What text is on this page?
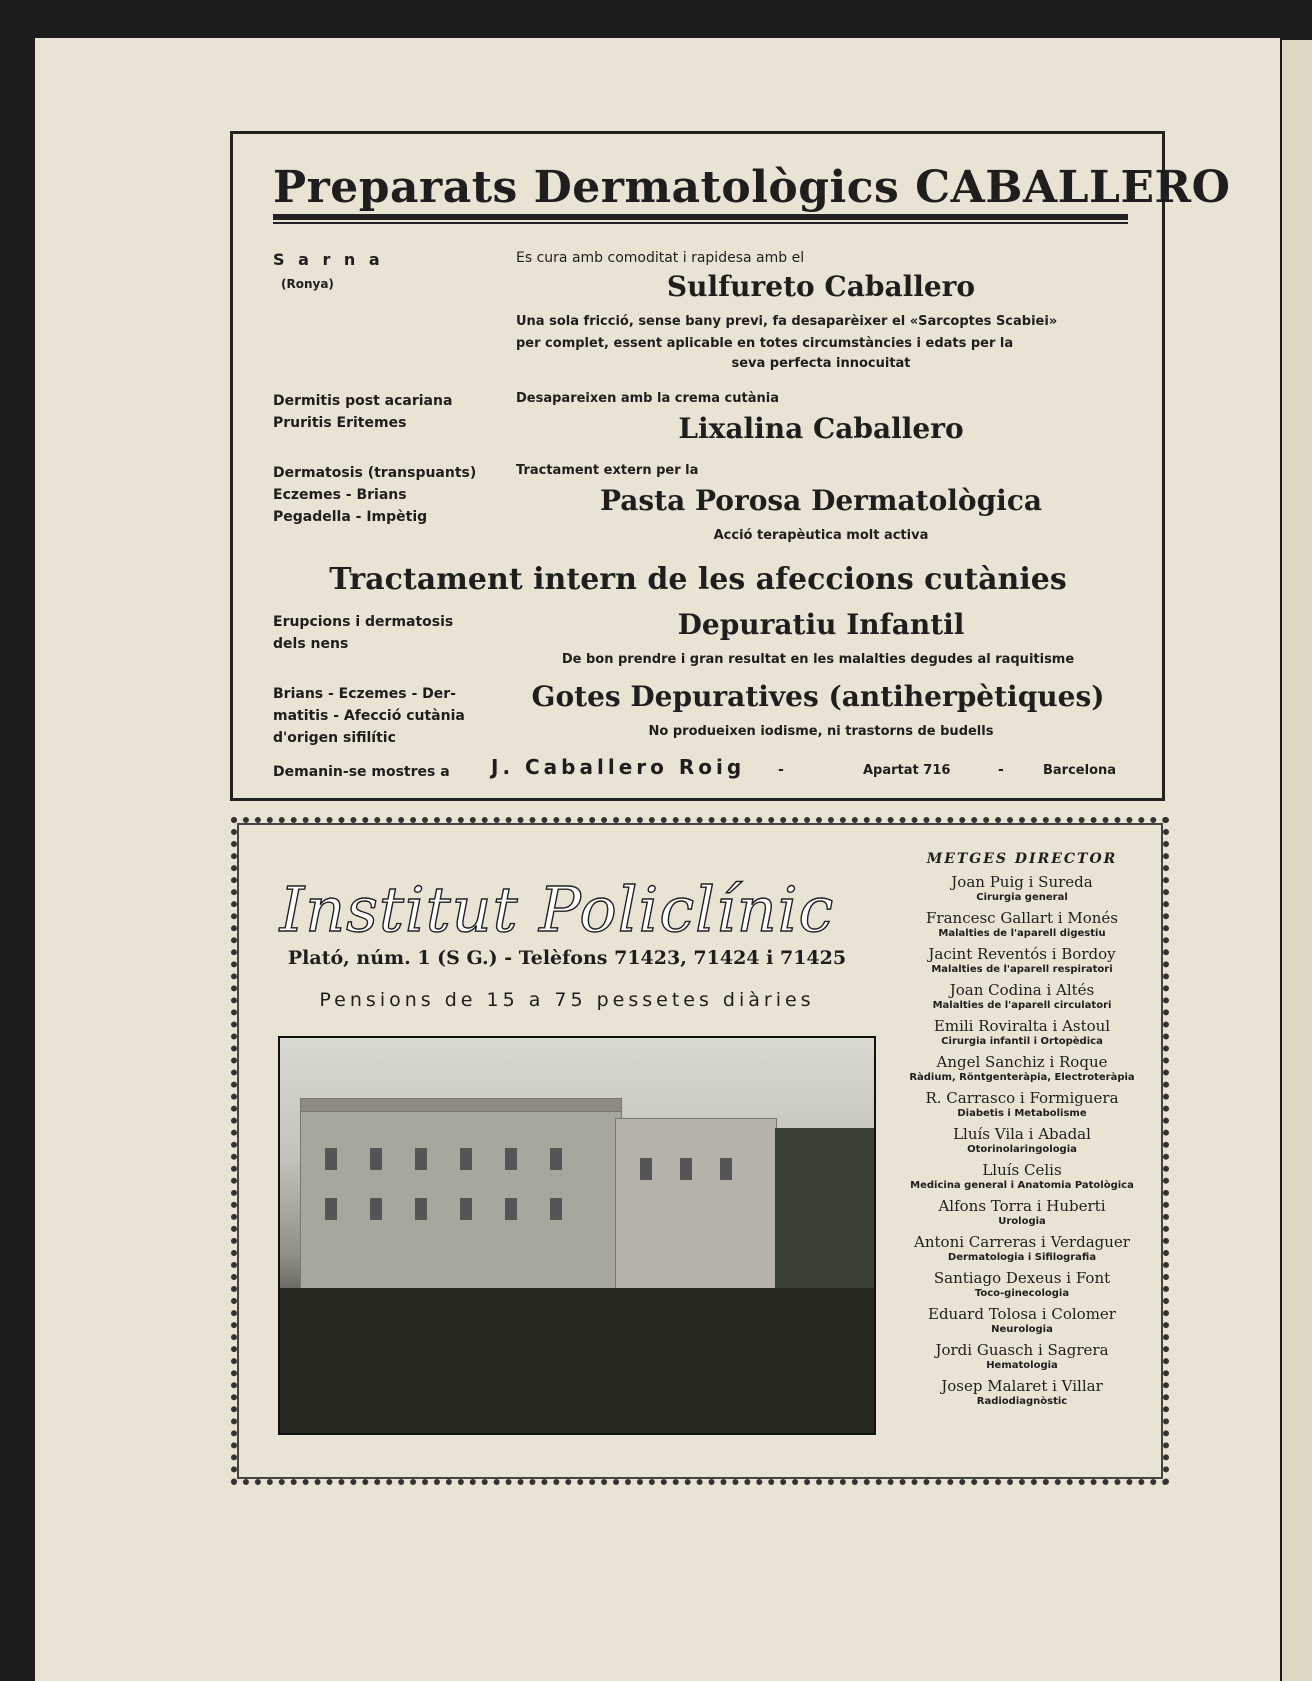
Preparats Dermatològics CABALLERO
S a r n a
(Ronya)
Es cura amb comoditat i rapidesa amb el
Sulfureto Caballero
Una sola fricció, sense bany previ, fa desaparèixer el «Sarcoptes Scabiei»
per complet, essent aplicable en totes circumstàncies i edats per la
seva perfecta innocuitat
Dermitis post acariana
Pruritis Eritemes
Desapareixen amb la crema cutània
Lixalina Caballero
Dermatosis (transpuants)
Eczemes - Brians
Pegadella - Impètig
Tractament extern per la
Pasta Porosa Dermatològica
Acció terapèutica molt activa
Tractament intern de les afeccions cutànies
Erupcions i dermatosis
dels nens
Depuratiu Infantil
De bon prendre i gran resultat en les malalties degudes al raquitisme
Brians - Eczemes - Der-
matitis - Afecció cutània
d'origen sifilític
Gotes Depuratives (antiherpètiques)
No produeixen iodisme, ni trastorns de budells
Demanin-se mostres a J. Caballero Roig -	Apartat 716	-	Barcelona
Institut Policlínic
Plató, núm. 1 (S G.) - Telèfons 71423, 71424 i 71425
Pensions de 15 a 75 pessetes diàries
METGES DIRECTOR
Joan Puig i Sureda
Cirurgia general
Francesc Gallart i Monés
Malalties de l'aparell digestiu
Jacint Reventós i Bordoy
Malalties de l'aparell respiratori
Joan Codina i Altés
Malalties de l'aparell circulatori
Emili Roviralta i Astoul
Cirurgia infantil i Ortopèdica
Angel Sanchiz i Roque
Ràdium, Röntgenteràpia, Electroteràpia
R. Carrasco i Formiguera
Diabetis i Metabolisme
Lluís Vila i Abadal
Otorinolaringologia
Lluís Celis
Medicina general i Anatomia Patològica
Alfons Torra i Huberti
Urologia
Antoni Carreras i Verdaguer
Dermatologia i Sifilografia
Santiago Dexeus i Font
Toco-ginecologia
Eduard Tolosa i Colomer
Neurologia
Jordi Guasch i Sagrera
Hematologia
Josep Malaret i Villar
Radiodiagnòstic
